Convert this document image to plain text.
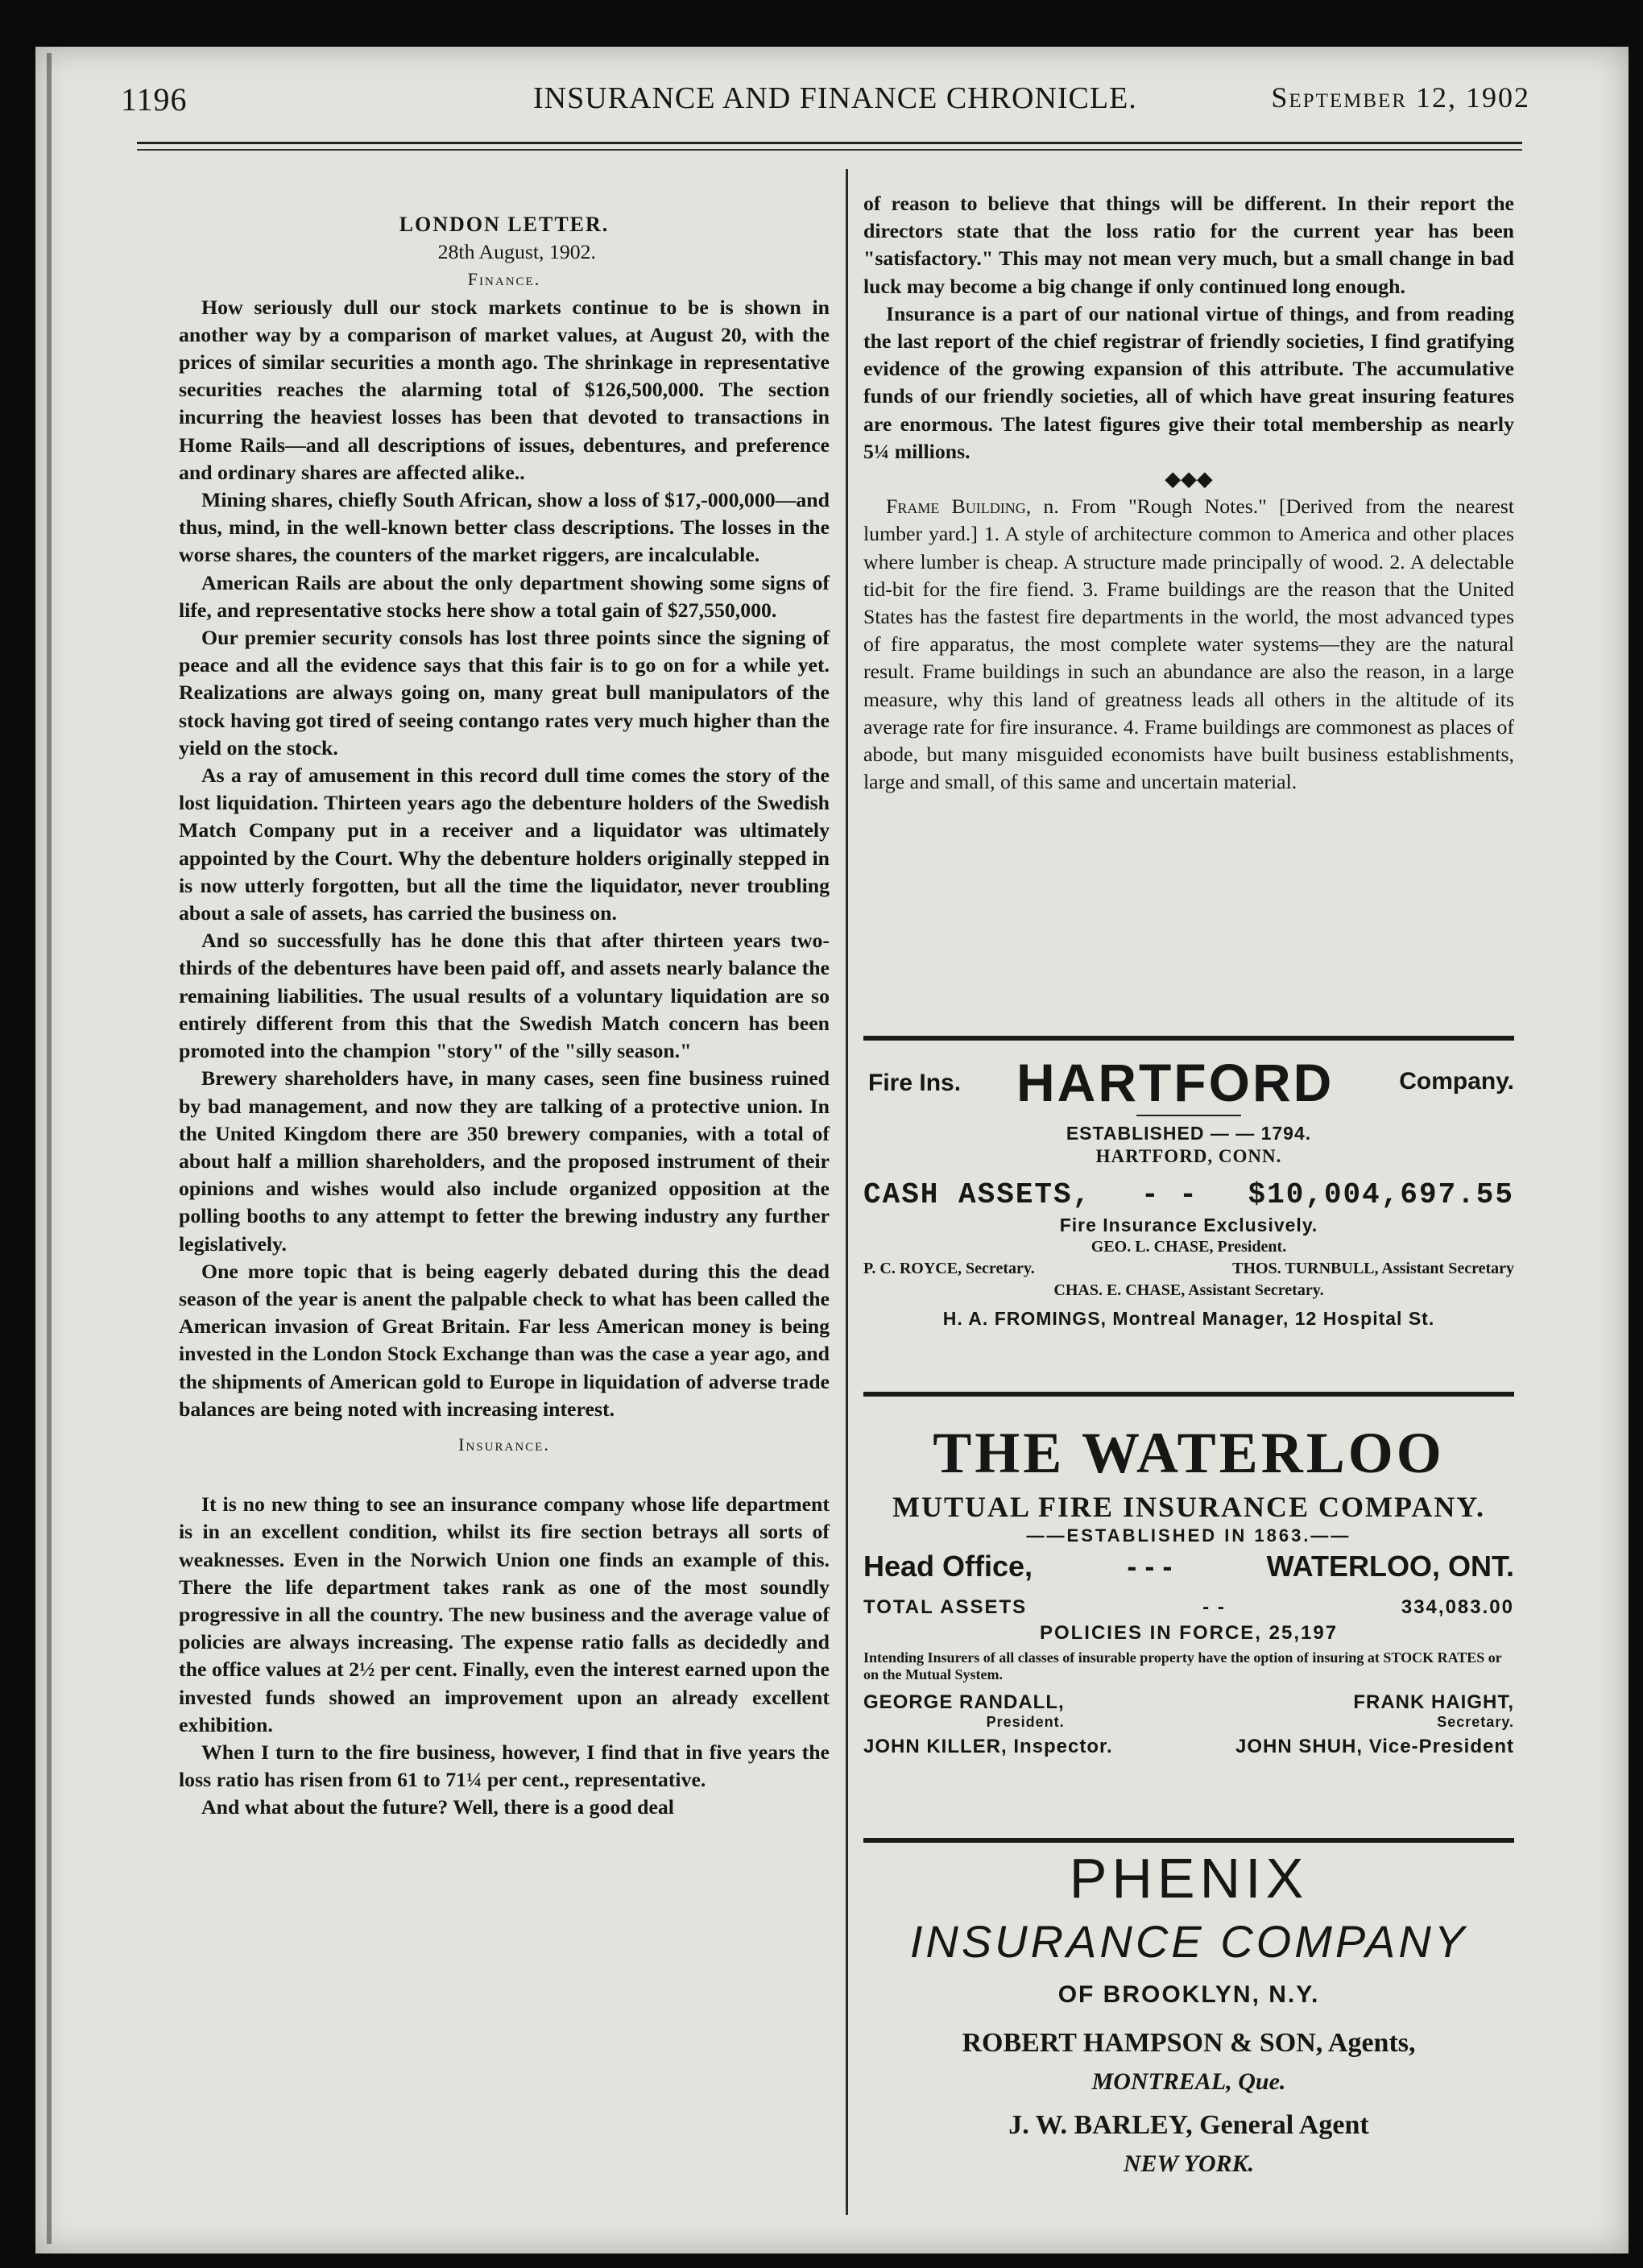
1196	INSURANCE AND FINANCE CHRONICLE.	September 12, 1902

LONDON LETTER.

28th August, 1902.

Finance.

How seriously dull our stock markets continue to be is shown in another way by a comparison of market values, at August 20, with the prices of similar securities a month ago. The shrinkage in representative securities reaches the alarming total of $126,500,000. The section incurring the heaviest losses has been that devoted to transactions in Home Rails—and all descriptions of issues, debentures, and preference and ordinary shares are affected alike..

Mining shares, chiefly South African, show a loss of $17,-000,000—and thus, mind, in the well-known better class descriptions. The losses in the worse shares, the counters of the market riggers, are incalculable.

American Rails are about the only department showing some signs of life, and representative stocks here show a total gain of $27,550,000.

Our premier security consols has lost three points since the signing of peace and all the evidence says that this fair is to go on for a while yet. Realizations are always going on, many great bull manipulators of the stock having got tired of seeing contango rates very much higher than the yield on the stock.

As a ray of amusement in this record dull time comes the story of the lost liquidation. Thirteen years ago the debenture holders of the Swedish Match Company put in a receiver and a liquidator was ultimately appointed by the Court. Why the debenture holders originally stepped in is now utterly forgotten, but all the time the liquidator, never troubling about a sale of assets, has carried the business on.

And so successfully has he done this that after thirteen years two-thirds of the debentures have been paid off, and assets nearly balance the remaining liabilities. The usual results of a voluntary liquidation are so entirely different from this that the Swedish Match concern has been promoted into the champion "story" of the "silly season."

Brewery shareholders have, in many cases, seen fine business ruined by bad management, and now they are talking of a protective union. In the United Kingdom there are 350 brewery companies, with a total of about half a million shareholders, and the proposed instrument of their opinions and wishes would also include organized opposition at the polling booths to any attempt to fetter the brewing industry any further legislatively.

One more topic that is being eagerly debated during this the dead season of the year is anent the palpable check to what has been called the American invasion of Great Britain. Far less American money is being invested in the London Stock Exchange than was the case a year ago, and the shipments of American gold to Europe in liquidation of adverse trade balances are being noted with increasing interest.

Insurance.

It is no new thing to see an insurance company whose life department is in an excellent condition, whilst its fire section betrays all sorts of weaknesses. Even in the Norwich Union one finds an example of this. There the life department takes rank as one of the most soundly progressive in all the country. The new business and the average value of policies are always increasing. The expense ratio falls as decidedly and the office values at 2½ per cent. Finally, even the interest earned upon the invested funds showed an improvement upon an already excellent exhibition.

When I turn to the fire business, however, I find that in five years the loss ratio has risen from 61 to 71¼ per cent., representative.

And what about the future? Well, there is a good deal

of reason to believe that things will be different. In their report the directors state that the loss ratio for the current year has been "satisfactory." This may not mean very much, but a small change in bad luck may become a big change if only continued long enough.

Insurance is a part of our national virtue of things, and from reading the last report of the chief registrar of friendly societies, I find gratifying evidence of the growing expansion of this attribute. The accumulative funds of our friendly societies, all of which have great insuring features are enormous. The latest figures give their total membership as nearly 5¼ millions.

◆◆◆

Frame Building, n. From "Rough Notes." [Derived from the nearest lumber yard.] 1. A style of architecture common to America and other places where lumber is cheap. A structure made principally of wood. 2. A delectable tid-bit for the fire fiend. 3. Frame buildings are the reason that the United States has the fastest fire departments in the world, the most advanced types of fire apparatus, the most complete water systems—they are the natural result. Frame buildings in such an abundance are also the reason, in a large measure, why this land of greatness leads all others in the altitude of its average rate for fire insurance. 4. Frame buildings are commonest as places of abode, but many misguided economists have built business establishments, large and small, of this same and uncertain material.

Fire Ins. HARTFORD	Company.
ESTABLISHED — — 1794.
HARTFORD, CONN.
CASH ASSETS, - - $10,004,697.55
Fire Insurance Exclusively.
GEO. L. CHASE, President.
P. C. ROYCE, Secretary.	THOS. TURNBULL, Assistant Secretary
CHAS. E. CHASE, Assistant Secretary.
H. A. FROMINGS, Montreal Manager, 12 Hospital St.
THE WATERLOO
MUTUAL FIRE INSURANCE COMPANY.
——ESTABLISHED IN 1863.——
Head Office,	- - -	WATERLOO, ONT.
TOTAL ASSETS	- -	334,083.00
POLICIES IN FORCE, 25,197
Intending Insurers of all classes of insurable property have the option of insuring at STOCK RATES or on the Mutual System.
GEORGE RANDALL,
President.
FRANK HAIGHT,
Secretary.
JOHN KILLER, Inspector.	JOHN SHUH, Vice-President
PHENIX
INSURANCE COMPANY
OF BROOKLYN, N.Y.
ROBERT HAMPSON & SON, Agents,
MONTREAL, Que.
J. W. BARLEY, General Agent
NEW YORK.
